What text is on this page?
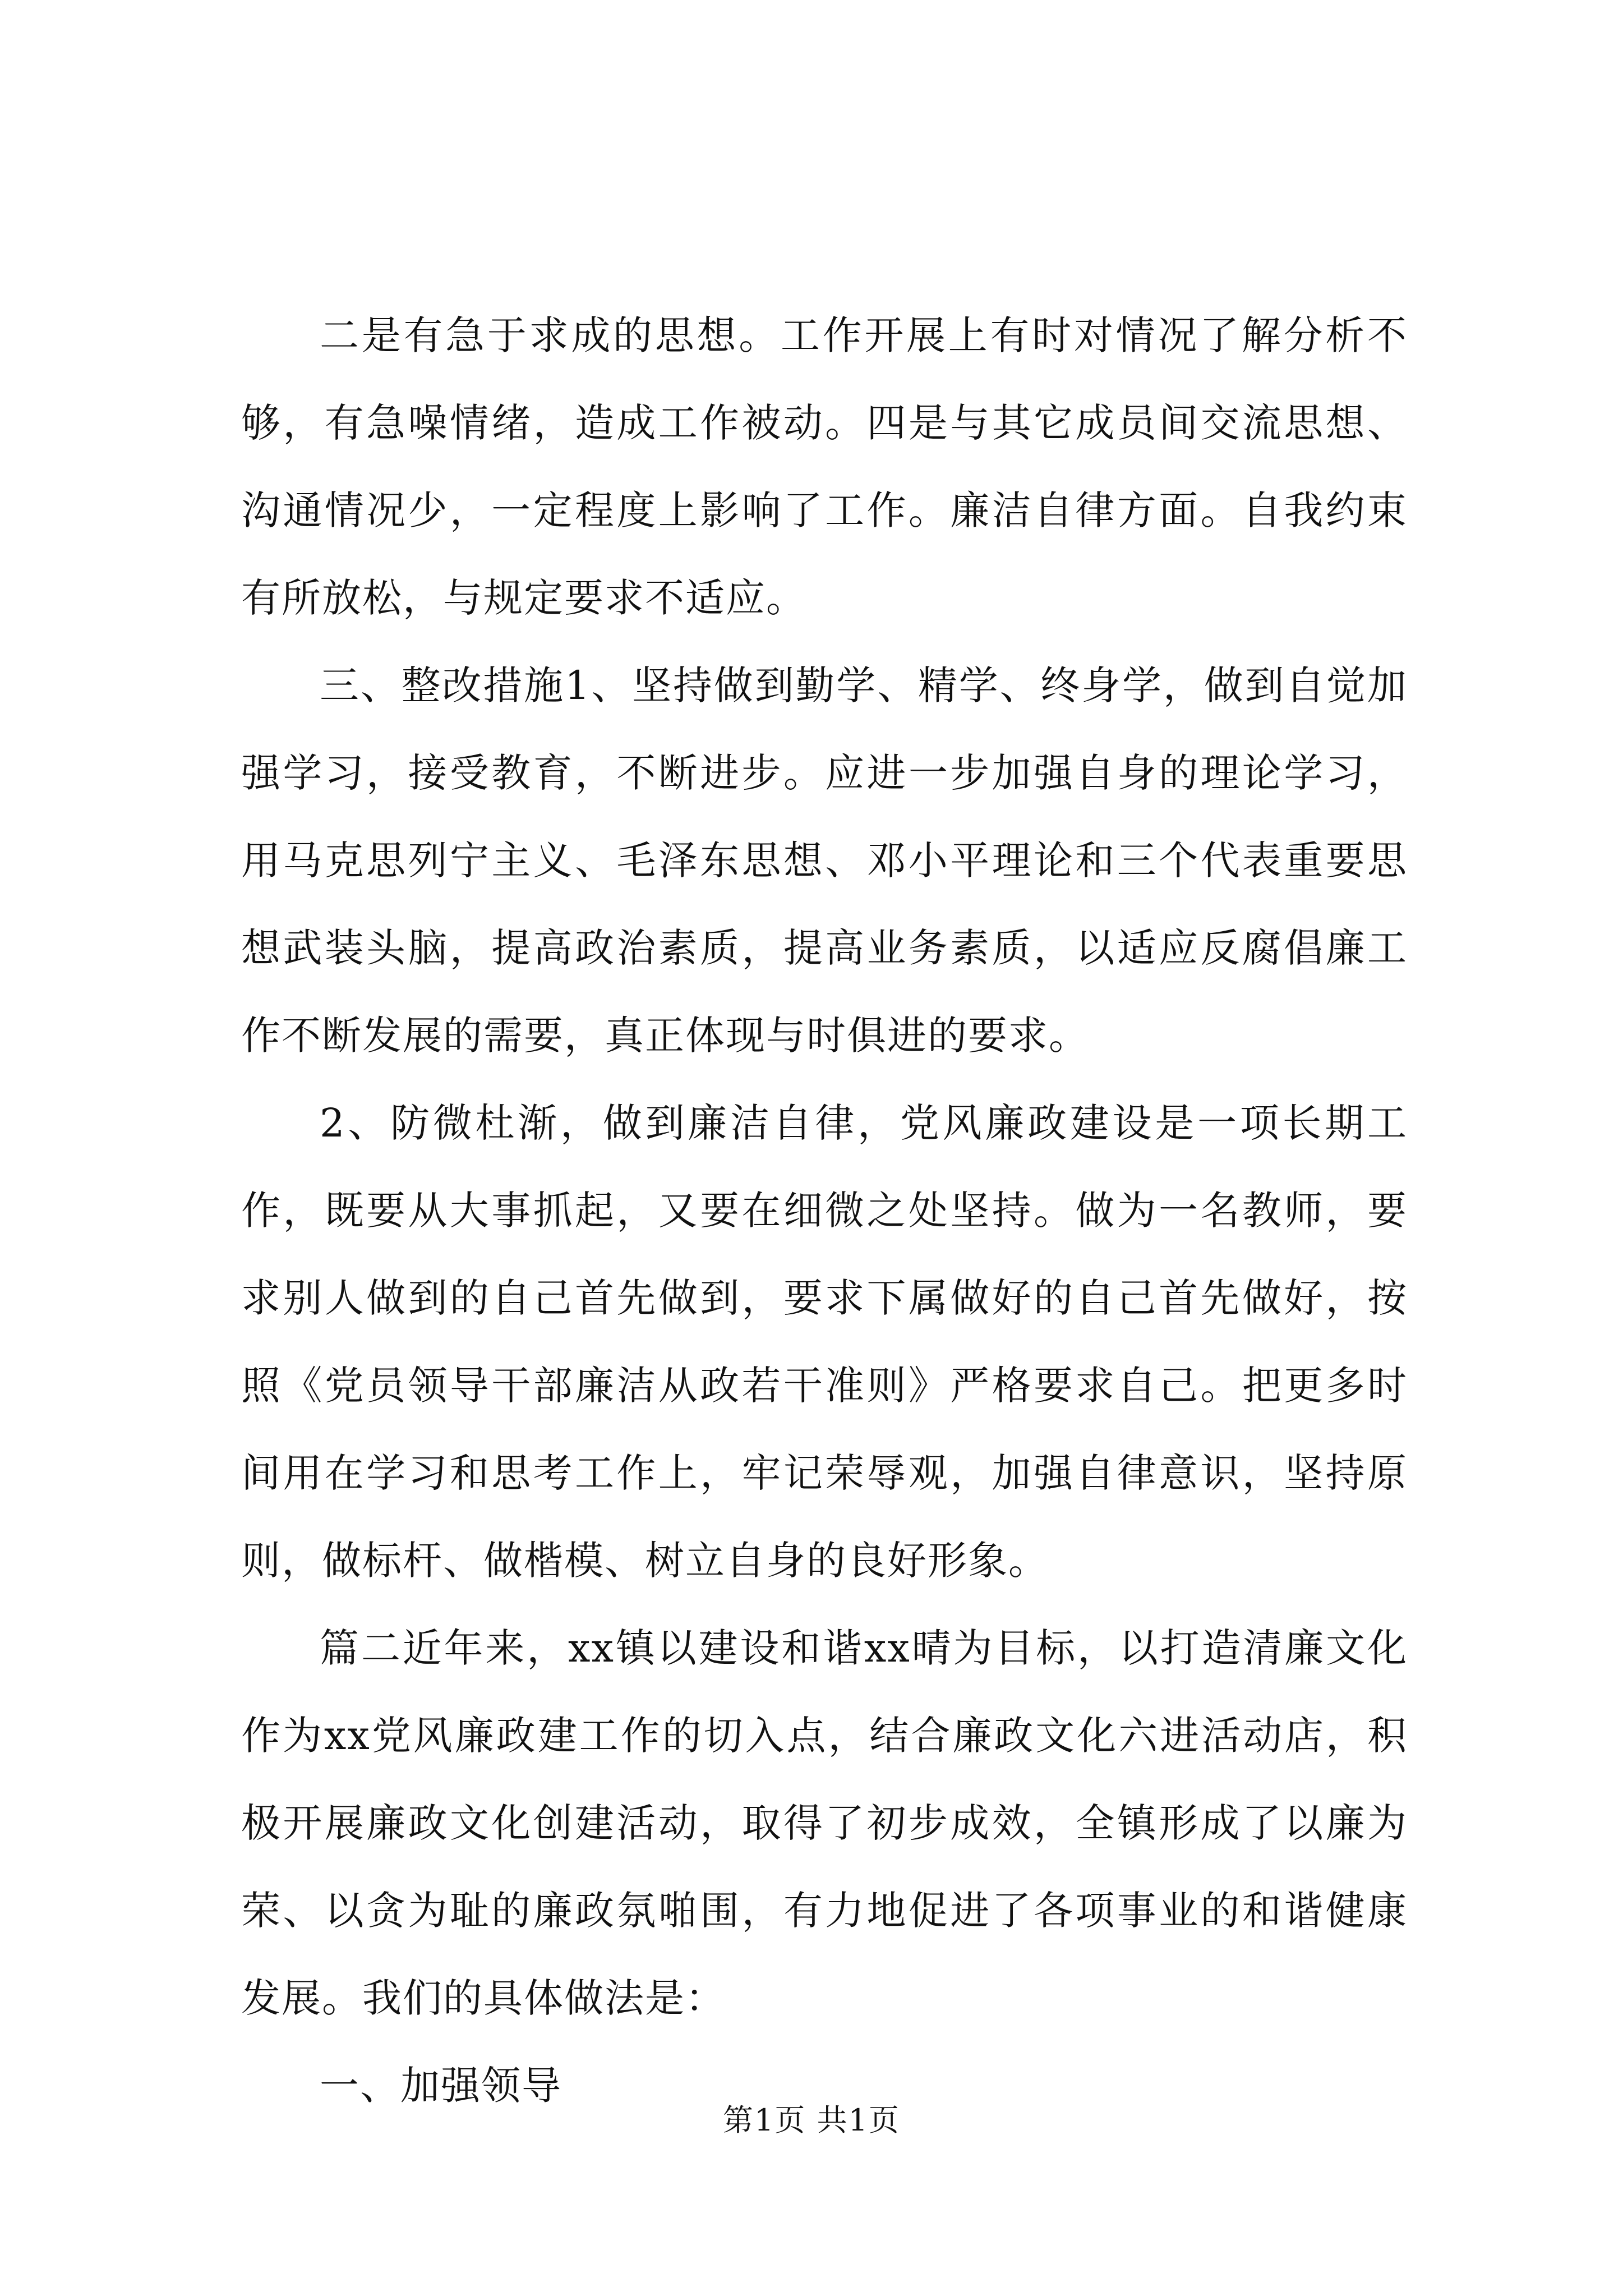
二是有急于求成的思想。工作开展上有时对情况了解分析不够，有急噪情绪，造成工作被动。四是与其它成员间交流思想、沟通情况少，一定程度上影响了工作。廉洁自律方面。自我约束有所放松，与规定要求不适应。

三、整改措施1、坚持做到勤学、精学、终身学，做到自觉加强学习，接受教育，不断进步。应进一步加强自身的理论学习，用马克思列宁主义、毛泽东思想、邓小平理论和三个代表重要思想武装头脑，提高政治素质，提高业务素质，以适应反腐倡廉工作不断发展的需要，真正体现与时俱进的要求。

2、防微杜渐，做到廉洁自律，党风廉政建设是一项长期工作，既要从大事抓起，又要在细微之处坚持。做为一名教师，要求别人做到的自己首先做到，要求下属做好的自己首先做好，按照《党员领导干部廉洁从政若干准则》严格要求自己。把更多时间用在学习和思考工作上，牢记荣辱观，加强自律意识，坚持原则，做标杆、做楷模、树立自身的良好形象。

篇二近年来，xx镇以建设和谐xx晴为目标，以打造清廉文化作为xx党风廉政建工作的切入点，结合廉政文化六进活动店，积极开展廉政文化创建活动，取得了初步成效，全镇形成了以廉为荣、以贪为耻的廉政氛啪围，有力地促进了各项事业的和谐健康发展。我们的具体做法是：

一、加强领导

第1页 共1页
